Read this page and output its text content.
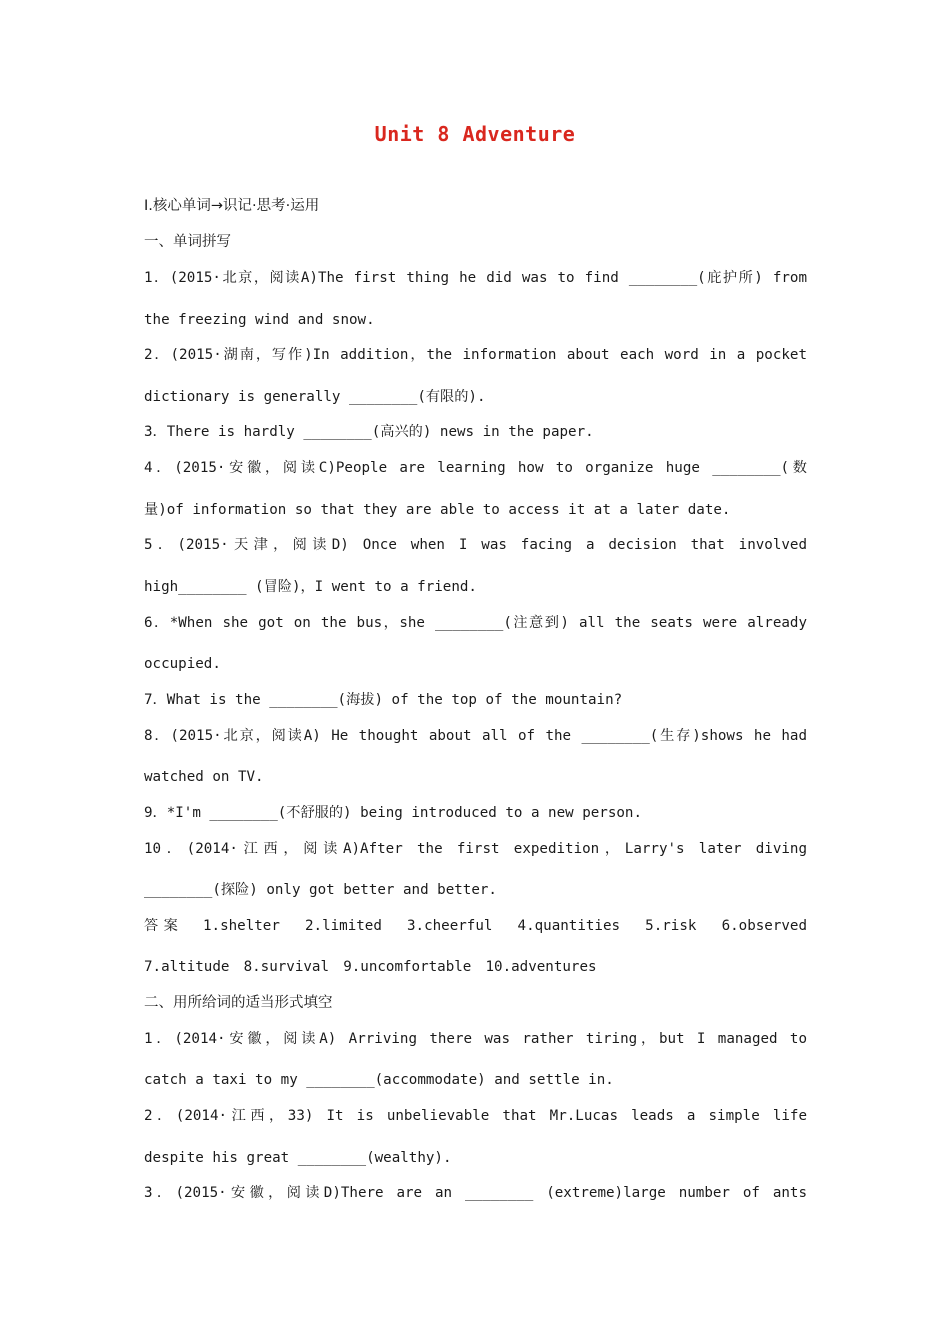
Unit 8 Adventure
Ⅰ.核心单词→识记·思考·运用
一、单词拼写
1．(2015·北京，阅读A)The first thing he did was to find ________(庇护所) from
the freezing wind and snow.
2．(2015·湖南，写作)In addition，the information about each word in a pocket
dictionary is generally ________(有限的).
3．There is hardly ________(高兴的) news in the paper.
4．(2015·安徽，阅读C)People are learning how to organize huge ________(数
量)of information so that they are able to access it at a later date.
5．(2015·天津，阅读D) Once when I was facing a decision that involved
high________ (冒险)，I went to a friend.
6．*When she got on the bus，she ________(注意到) all the seats were already
occupied.
7．What is the ________(海拔) of the top of the mountain?
8．(2015·北京，阅读A) He thought about all of the ________(生存)shows he had
watched on TV.
9．*I'm ________(不舒服的) being introduced to a new person.
10．(2014·江西，阅读A)After the first expedition，Larry's later diving
________(探险) only got better and better.
答案　1.shelter　2.limited　3.cheerful　4.quantities　5.risk　6.observed
7.altitude　8.survival　9.uncomfortable　10.adventures
二、用所给词的适当形式填空
1．(2014·安徽，阅读A) Arriving there was rather tiring，but I managed to
catch a taxi to my ________(accommodate) and settle in.
2．(2014·江西，33) It is unbelievable that Mr.Lucas leads a simple life
despite his great ________(wealthy).
3．(2015·安徽，阅读D)There are an ________ (extreme)large number of ants
